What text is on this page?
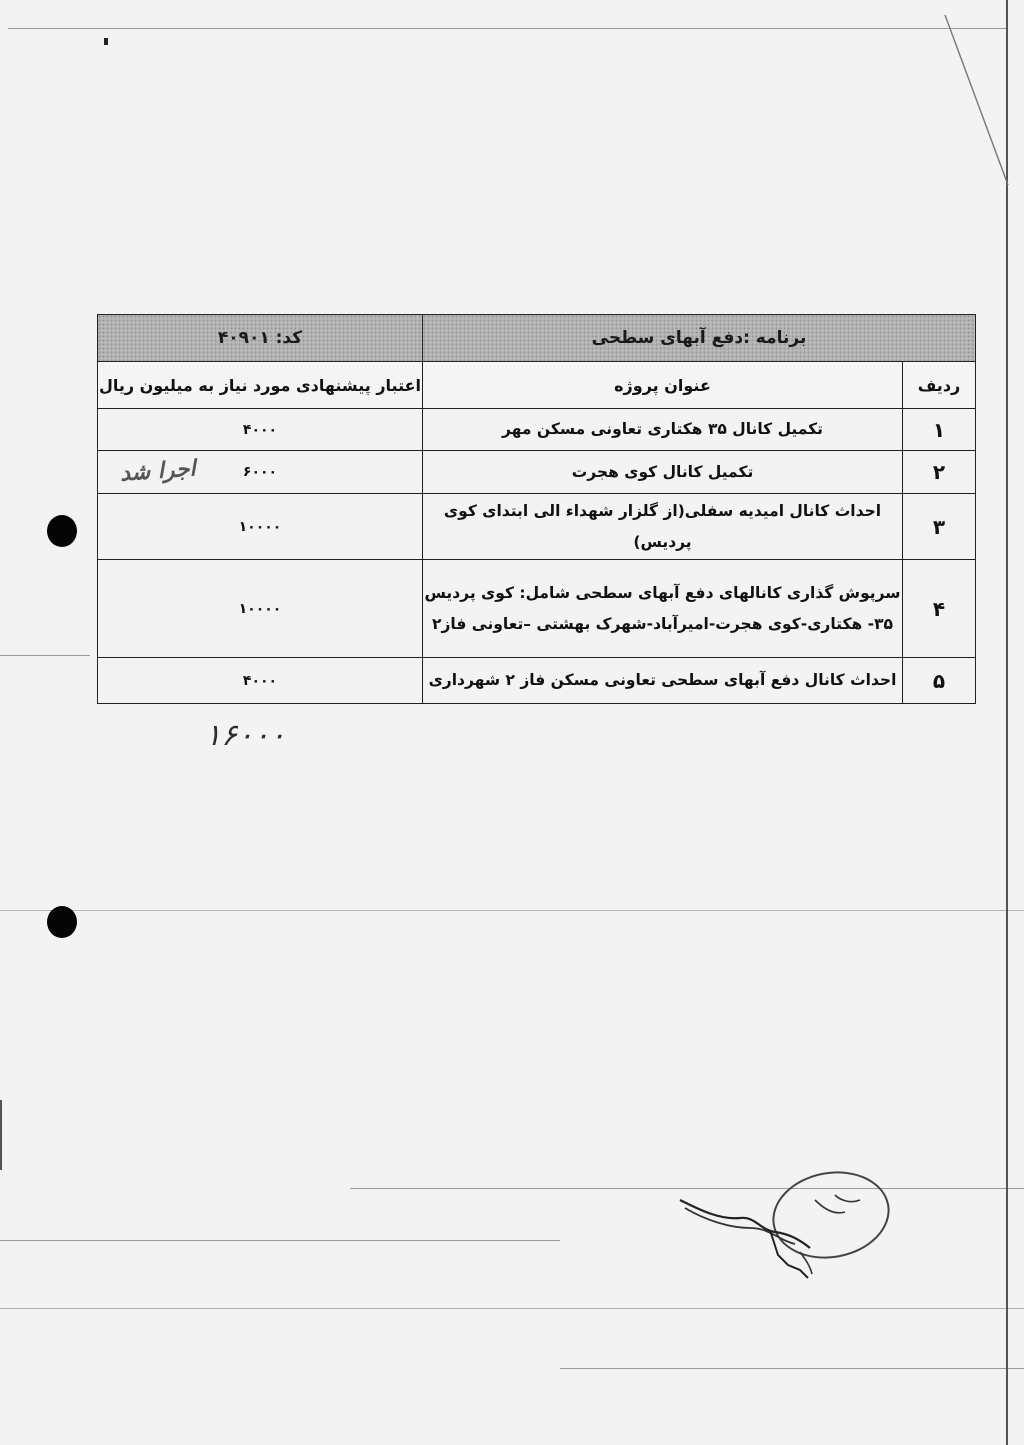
برنامه :دفع آبهای سطحی		کد: ۴۰۹۰۱
ردیف	عنوان پروژه	اعتبار پیشنهادی مورد نیاز به میلیون ریال
۱	تکمیل کانال ۳۵ هکتاری تعاونی مسکن مهر	۴۰۰۰
۲	تکمیل کانال کوی هجرت	۶۰۰۰
اجرا شد

۳	احداث کانال امیدیه سفلی(از گلزار شهداء الی ابتدای کوی پردیس)	۱۰۰۰۰
۴	سرپوش گذاری کانالهای دفع آبهای سطحی شامل: کوی پردیس ۳۵- هکتاری-کوی هجرت-امیرآباد-شهرک بهشتی –تعاونی فاز۲	۱۰۰۰۰
۵	احداث کانال دفع آبهای سطحی تعاونی مسکن فاز ۲ شهرداری	۴۰۰۰
۱۶۰۰۰
